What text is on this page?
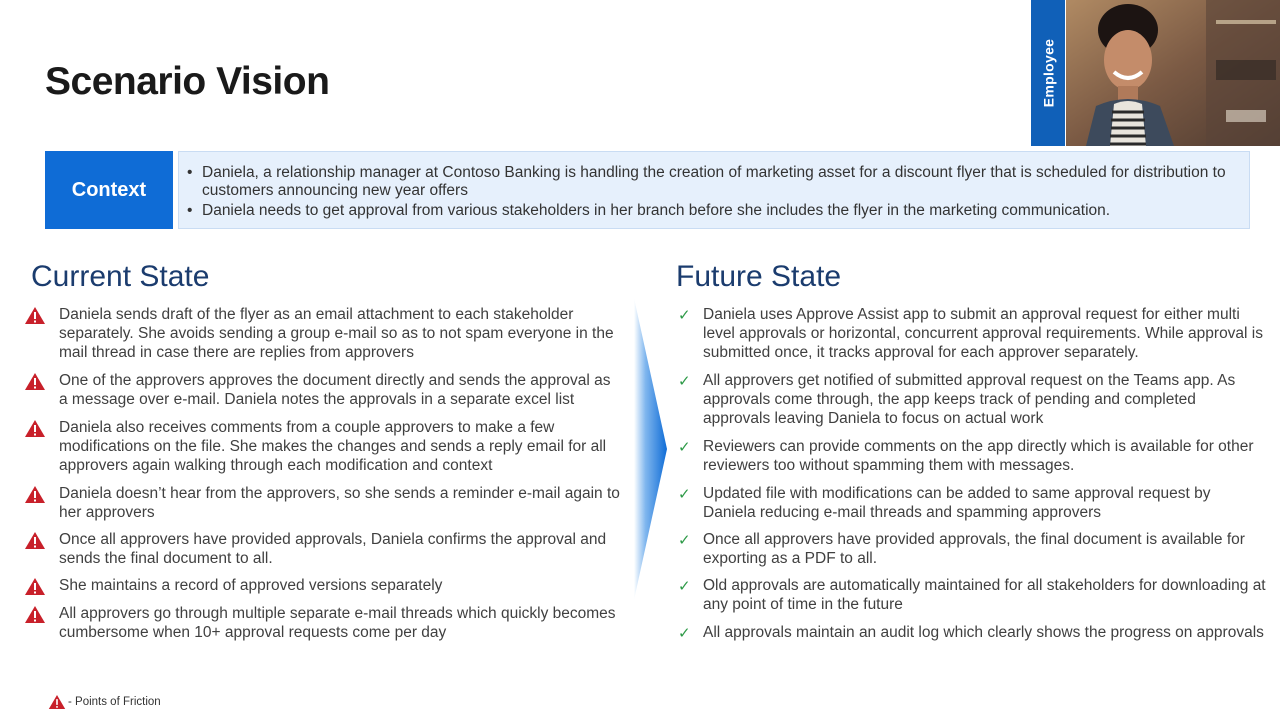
Scenario Vision	Employee
Context
• Daniela, a relationship manager at Contoso Banking is handling the creation of marketing asset for a discount flyer that is scheduled for distribution to customers announcing new year offers
• Daniela needs to get approval from various stakeholders in her branch before she includes the flyer in the marketing communication.
Current State	Future State
Daniela sends draft of the flyer as an email attachment to each stakeholder separately. She avoids sending a group e-mail so as to not spam everyone in the mail thread in case there are replies from approvers
One of the approvers approves the document directly and sends the approval as a message over e-mail. Daniela notes the approvals in a separate excel list
Daniela also receives comments from a couple approvers to make a few modifications on the file. She makes the changes and sends a reply email for all approvers again walking through each modification and context
Daniela doesn’t hear from the approvers, so she sends a reminder e-mail again to her approvers
Once all approvers have provided approvals, Daniela confirms the approval and sends the final document to all.
She maintains a record of approved versions separately
All approvers go through multiple separate e-mail threads which quickly becomes cumbersome when 10+ approval requests come per day
✓ Daniela uses Approve Assist app to submit an approval request for either multi level approvals or horizontal, concurrent approval requirements. While approval is submitted once, it tracks approval for each approver separately.
✓ All approvers get notified of submitted approval request on the Teams app. As approvals come through, the app keeps track of pending and completed approvals leaving Daniela to focus on actual work
✓ Reviewers can provide comments on the app directly which is available for other reviewers too without spamming them with messages.
✓ Updated file with modifications can be added to same approval request by Daniela reducing e-mail threads and spamming approvers
✓ Once all approvers have provided approvals, the final document is available for exporting as a PDF to all.
✓ Old approvals are automatically maintained for all stakeholders for downloading at any point of time in the future
✓ All approvals maintain an audit log which clearly shows the progress on approvals
- Points of Friction
